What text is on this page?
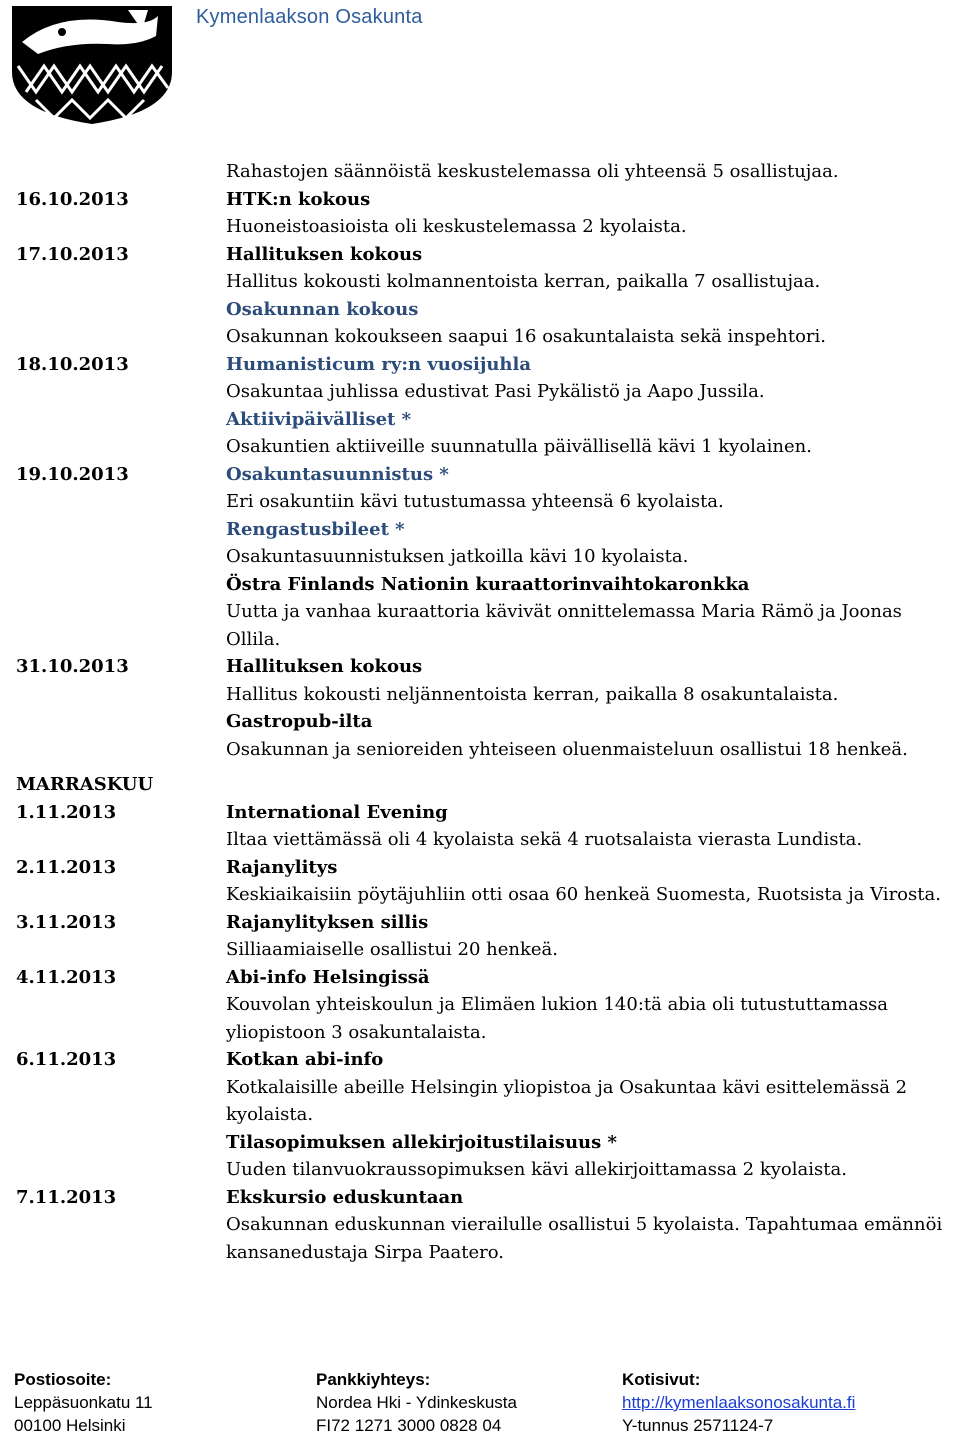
Kymenlaakson Osakunta
Rahastojen säännöistä keskustelemassa oli yhteensä 5 osallistujaa.
16.10.2013	HTK:n kokous
Huoneistoasioista oli keskustelemassa 2 kyolaista.
17.10.2013	Hallituksen kokous
Hallitus kokousti kolmannentoista kerran, paikalla 7 osallistujaa.
Osakunnan kokous
Osakunnan kokoukseen saapui 16 osakuntalaista sekä inspehtori.
18.10.2013	Humanisticum ry:n vuosijuhla
Osakuntaa juhlissa edustivat Pasi Pykälistö ja Aapo Jussila.
Aktiivipäivälliset *
Osakuntien aktiiveille suunnatulla päivällisellä kävi 1 kyolainen.
19.10.2013	Osakuntasuunnistus *
Eri osakuntiin kävi tutustumassa yhteensä 6 kyolaista.
Rengastusbileet *
Osakuntasuunnistuksen jatkoilla kävi 10 kyolaista.
Östra Finlands Nationin kuraattorinvaihtokaronkka
Uutta ja vanhaa kuraattoria kävivät onnittelemassa Maria Rämö ja Joonas Ollila.
31.10.2013	Hallituksen kokous
Hallitus kokousti neljännentoista kerran, paikalla 8 osakuntalaista.
Gastropub-ilta
Osakunnan ja senioreiden yhteiseen oluenmaisteluun osallistui 18 henkeä.
MARRASKUU
1.11.2013	International Evening
Iltaa viettämässä oli 4 kyolaista sekä 4 ruotsalaista vierasta Lundista.
2.11.2013	Rajanylitys
Keskiaikaisiin pöytäjuhliin otti osaa 60 henkeä Suomesta, Ruotsista ja Virosta.
3.11.2013	Rajanylityksen sillis
Silliaamiaiselle osallistui 20 henkeä.
4.11.2013	Abi-info Helsingissä
Kouvolan yhteiskoulun ja Elimäen lukion 140:tä abia oli tutustuttamassa yliopistoon 3 osakuntalaista.
6.11.2013	Kotkan abi-info
Kotkalaisille abeille Helsingin yliopistoa ja Osakuntaa kävi esittelemässä 2 kyolaista.
Tilasopimuksen allekirjoitustilaisuus *
Uuden tilanvuokraussopimuksen kävi allekirjoittamassa 2 kyolaista.
7.11.2013	Ekskursio eduskuntaan
Osakunnan eduskunnan vierailulle osallistui 5 kyolaista. Tapahtumaa emännöi kansanedustaja Sirpa Paatero.
Postiosoite:
Leppäsuonkatu 11
00100 Helsinki
Pankkiyhteys:
Nordea Hki - Ydinkeskusta
FI72 1271 3000 0828 04
Kotisivut:
http://kymenlaaksonosakunta.fi
Y-tunnus 2571124-7
